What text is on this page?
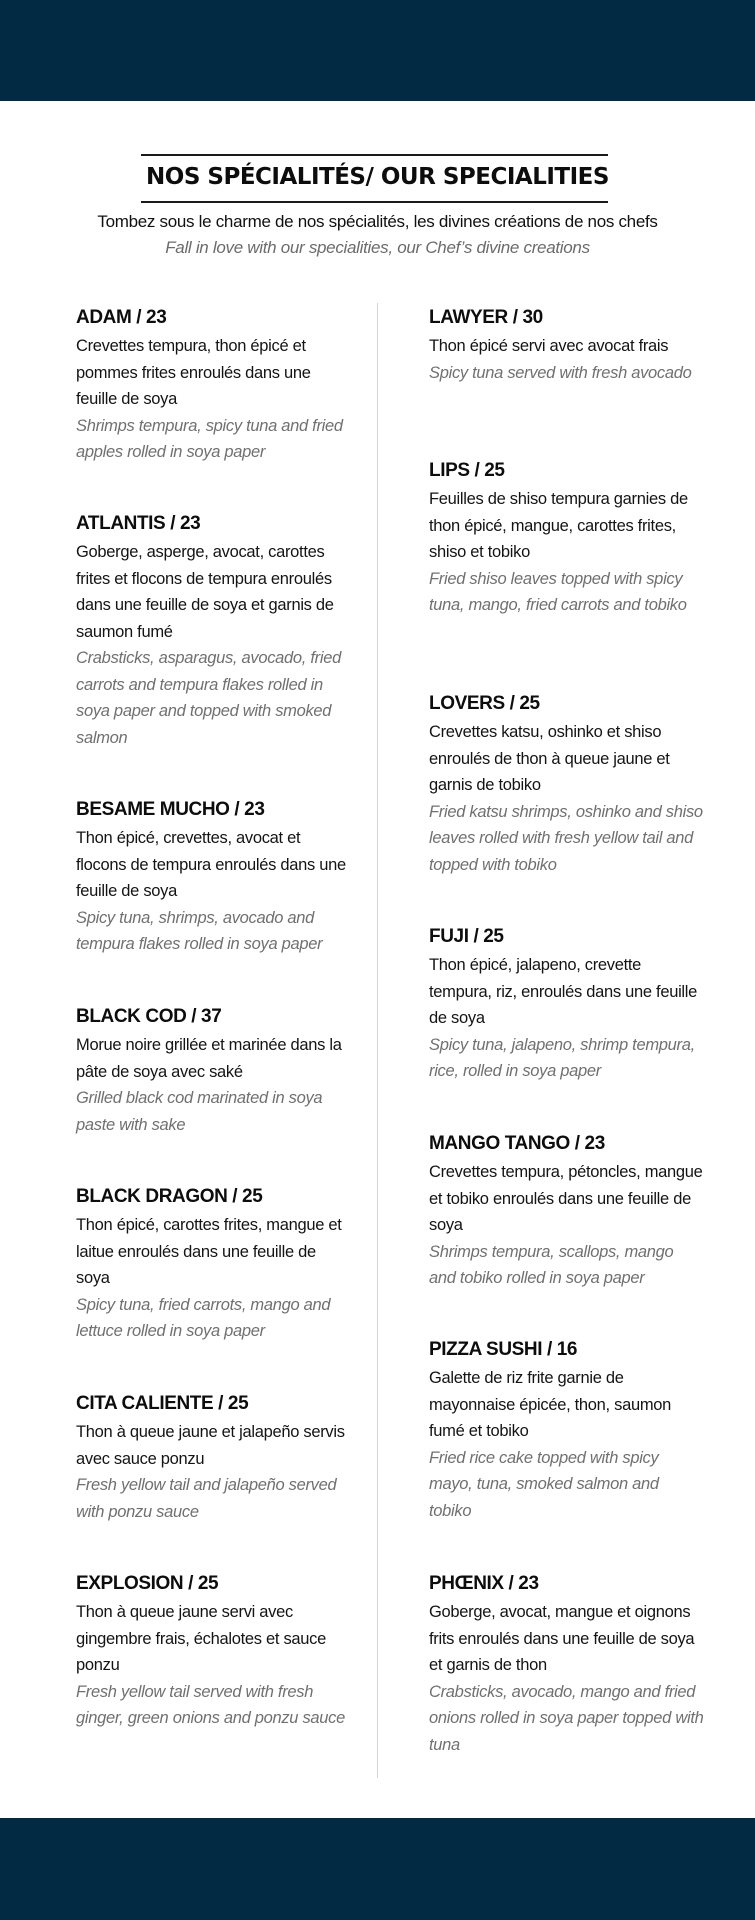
NOS SPÉCIALITÉS/ OUR SPECIALITIES
Tombez sous le charme de nos spécialités, les divines créations de nos chefs
Fall in love with our specialities, our Chef’s divine creations
ADAM / 23
Crevettes tempura, thon épicé et pommes frites enroulés dans une feuille de soya
Shrimps tempura, spicy tuna and fried apples rolled in soya paper
ATLANTIS / 23
Goberge, asperge, avocat, carottes frites et flocons de tempura enroulés dans une feuille de soya et garnis de saumon fumé
Crabsticks, asparagus, avocado, fried carrots and tempura flakes rolled in soya paper and topped with smoked salmon
BESAME MUCHO / 23
Thon épicé, crevettes, avocat et flocons de tempura enroulés dans une feuille de soya
Spicy tuna, shrimps, avocado and tempura flakes rolled in soya paper
BLACK COD / 37
Morue noire grillée et marinée dans la pâte de soya avec saké
Grilled black cod marinated in soya paste with sake
BLACK DRAGON / 25
Thon épicé, carottes frites, mangue et laitue enroulés dans une feuille de soya
Spicy tuna, fried carrots, mango and lettuce rolled in soya paper
CITA CALIENTE / 25
Thon à queue jaune et jalapeño servis avec sauce ponzu
Fresh yellow tail and jalapeño served with ponzu sauce
EXPLOSION / 25
Thon à queue jaune servi avec gingembre frais, échalotes et sauce ponzu
Fresh yellow tail served with fresh ginger, green onions and ponzu sauce
LAWYER / 30
Thon épicé servi avec avocat frais
Spicy tuna served with fresh avocado
LIPS / 25
Feuilles de shiso tempura garnies de thon épicé, mangue, carottes frites, shiso et tobiko
Fried shiso leaves topped with spicy tuna, mango, fried carrots and tobiko
LOVERS / 25
Crevettes katsu, oshinko et shiso enroulés de thon à queue jaune et garnis de tobiko
Fried katsu shrimps, oshinko and shiso leaves rolled with fresh yellow tail and topped with tobiko
FUJI / 25
Thon épicé, jalapeno, crevette tempura, riz, enroulés dans une feuille de soya
Spicy tuna, jalapeno, shrimp tempura, rice, rolled in soya paper
MANGO TANGO / 23
Crevettes tempura, pétoncles, mangue et tobiko enroulés dans une feuille de soya
Shrimps tempura, scallops, mango and tobiko rolled in soya paper
PIZZA SUSHI / 16
Galette de riz frite garnie de mayonnaise épicée, thon, saumon fumé et tobiko
Fried rice cake topped with spicy mayo, tuna, smoked salmon and tobiko
PHŒNIX / 23
Goberge, avocat, mangue et oignons frits enroulés dans une feuille de soya et garnis de thon
Crabsticks, avocado, mango and fried onions rolled in soya paper topped with tuna
